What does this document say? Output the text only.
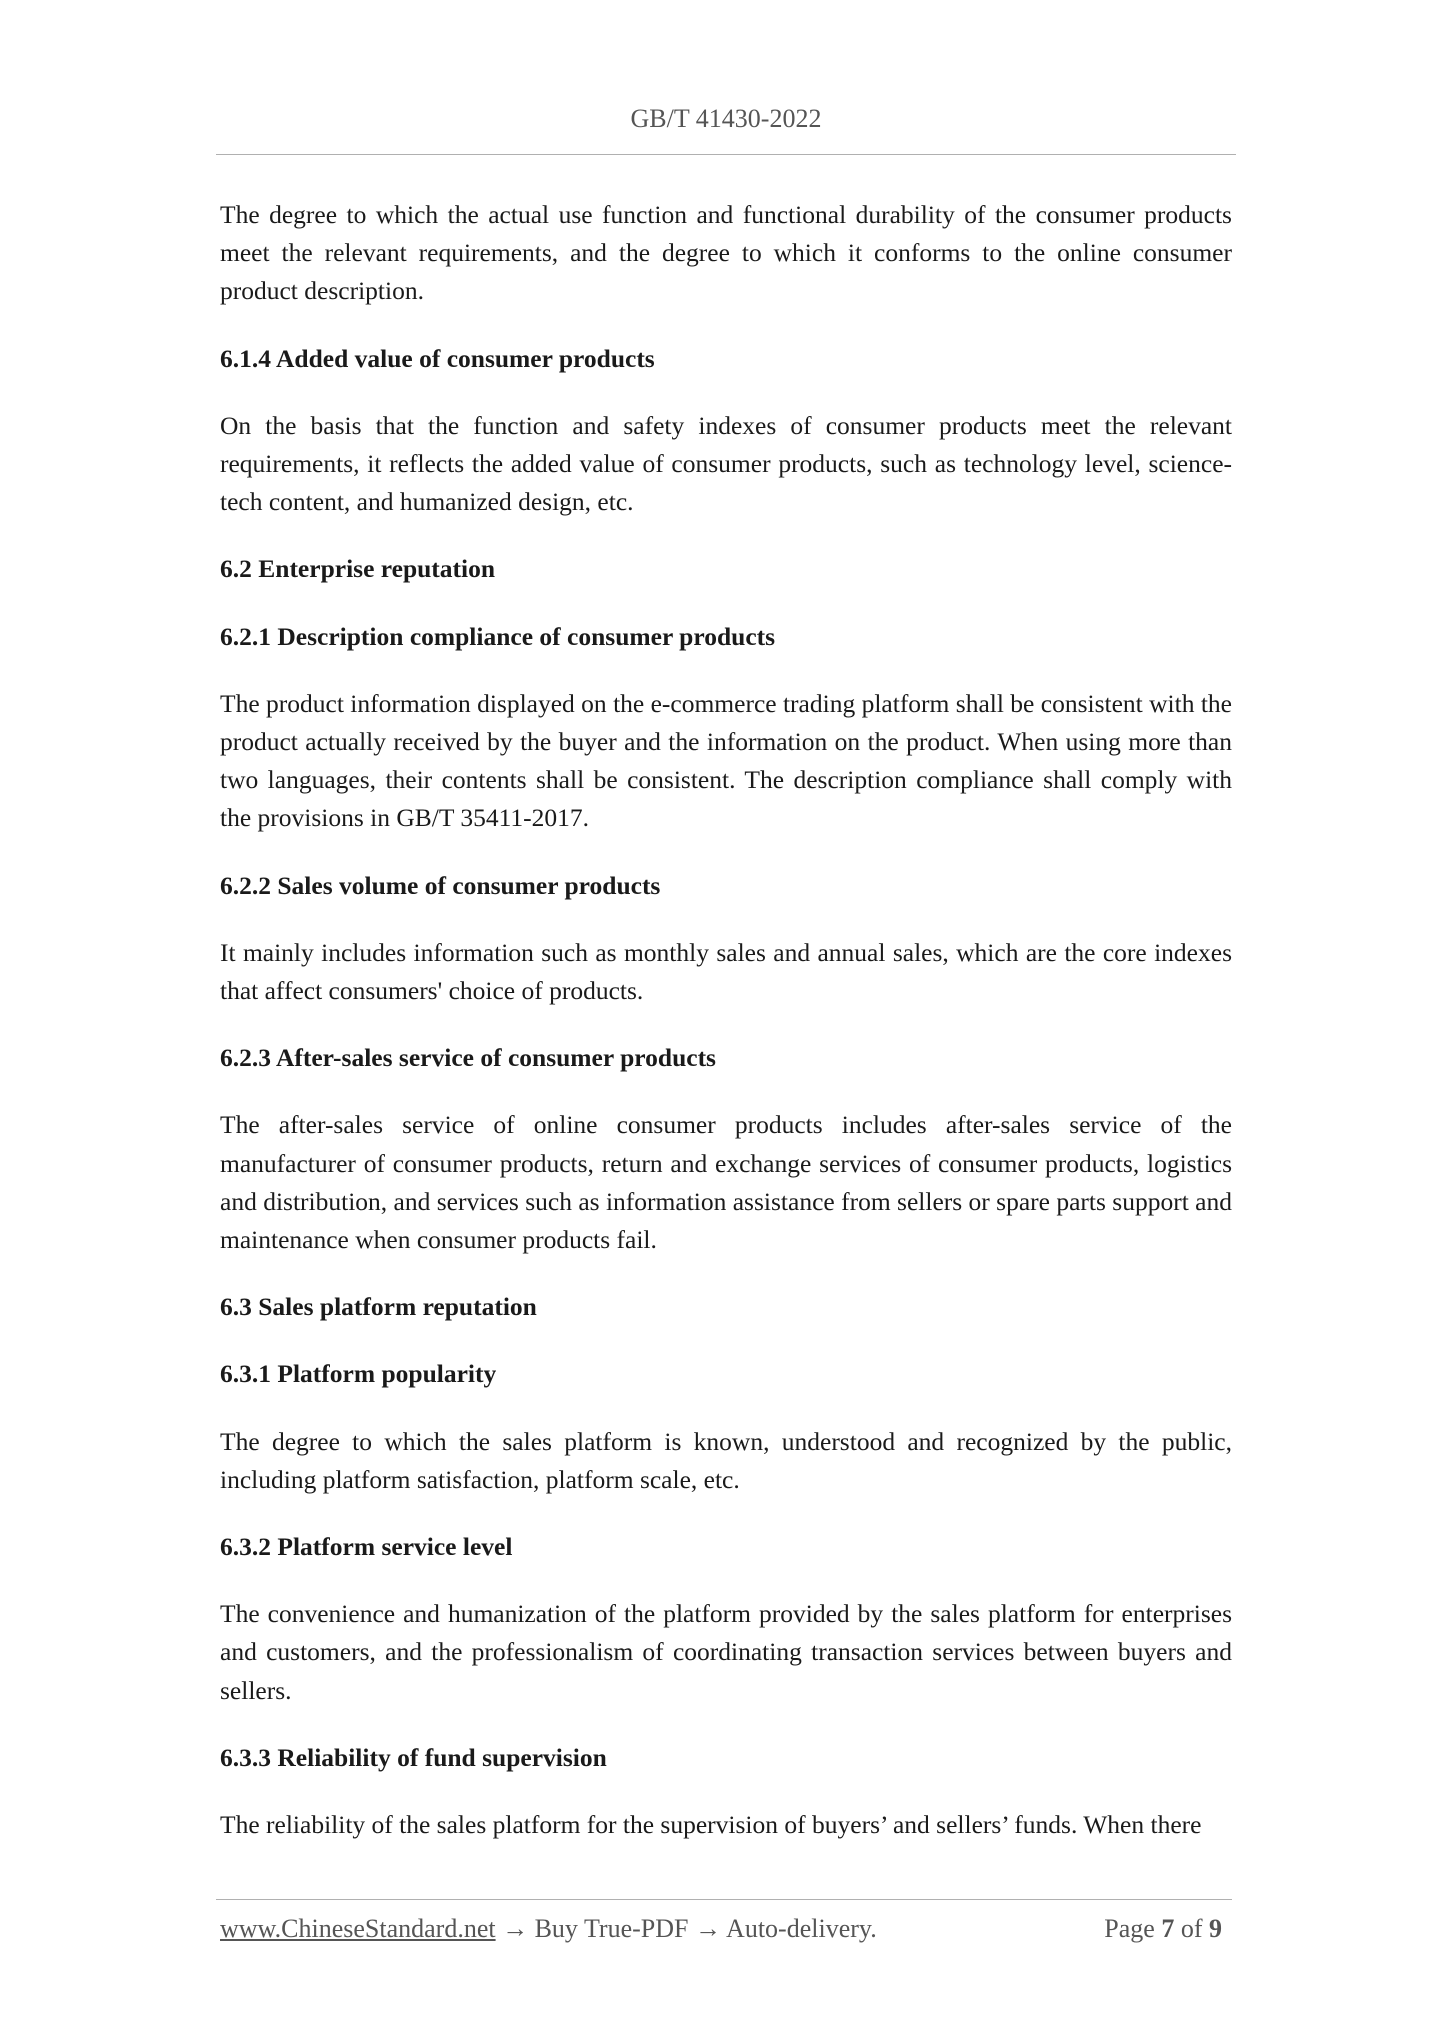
GB/T 41430-2022

The degree to which the actual use function and functional durability of the consumer products meet the relevant requirements, and the degree to which it conforms to the online consumer product description.

6.1.4 Added value of consumer products

On the basis that the function and safety indexes of consumer products meet the relevant requirements, it reflects the added value of consumer products, such as technology level, science-tech content, and humanized design, etc.

6.2 Enterprise reputation
6.2.1 Description compliance of consumer products

The product information displayed on the e-commerce trading platform shall be consistent with the product actually received by the buyer and the information on the product. When using more than two languages, their contents shall be consistent. The description compliance shall comply with the provisions in GB/T 35411-2017.

6.2.2 Sales volume of consumer products

It mainly includes information such as monthly sales and annual sales, which are the core indexes that affect consumers' choice of products.

6.2.3 After-sales service of consumer products

The after-sales service of online consumer products includes after-sales service of the manufacturer of consumer products, return and exchange services of consumer products, logistics and distribution, and services such as information assistance from sellers or spare parts support and maintenance when consumer products fail.

6.3 Sales platform reputation
6.3.1 Platform popularity

The degree to which the sales platform is known, understood and recognized by the public, including platform satisfaction, platform scale, etc.

6.3.2 Platform service level

The convenience and humanization of the platform provided by the sales platform for enterprises and customers, and the professionalism of coordinating transaction services between buyers and sellers.

6.3.3 Reliability of fund supervision

The reliability of the sales platform for the supervision of buyers’ and sellers’ funds. When there

www.ChineseStandard.net → Buy True-PDF → Auto-delivery.	Page 7 of 9
